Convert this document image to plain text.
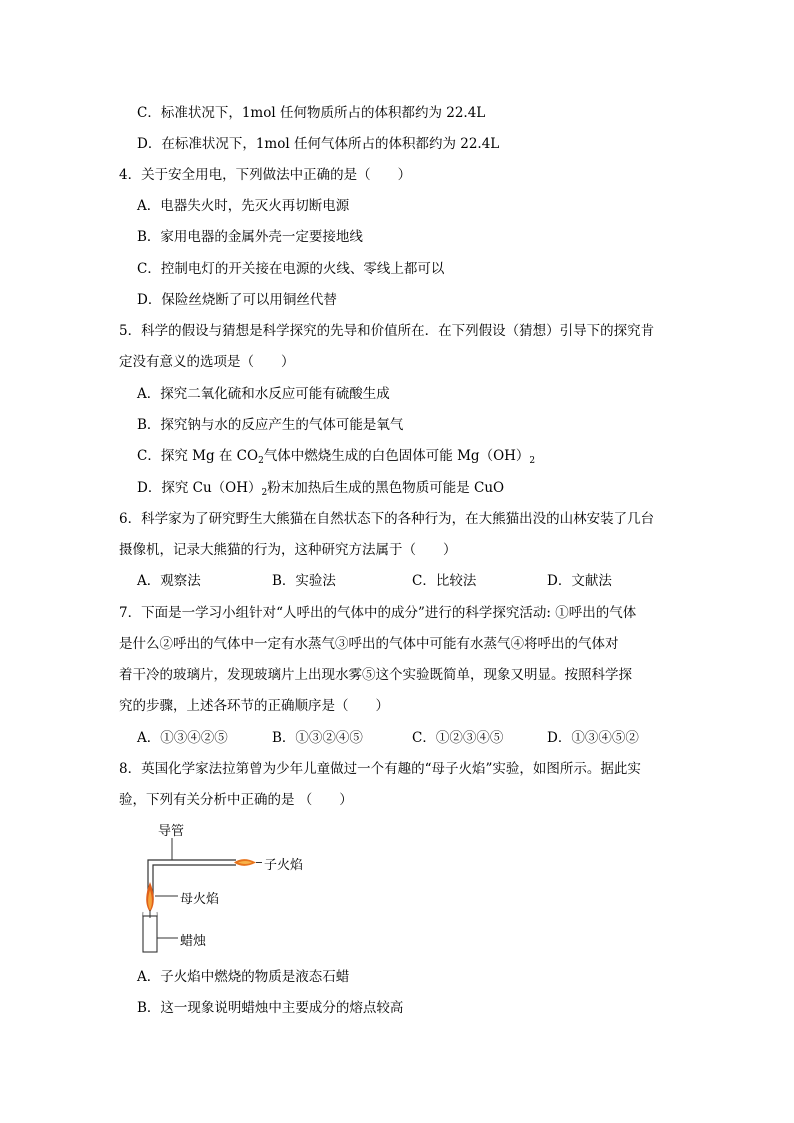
C．标准状况下，1mol 任何物质所占的体积都约为 22.4L
D．在标准状况下，1mol 任何气体所占的体积都约为 22.4L
4．关于安全用电，下列做法中正确的是（　　）
A．电器失火时，先灭火再切断电源
B．家用电器的金属外壳一定要接地线
C．控制电灯的开关接在电源的火线、零线上都可以
D．保险丝烧断了可以用铜丝代替
5．科学的假设与猜想是科学探究的先导和价值所在．在下列假设（猜想）引导下的探究肯
定没有意义的选项是（　　）
A．探究二氧化硫和水反应可能有硫酸生成
B．探究钠与水的反应产生的气体可能是氧气
C．探究 Mg 在 $CO_2$气体中燃烧生成的白色固体可能 $Mg(OH)_2$
D．探究 $Cu(OH)_2$粉末加热后生成的黑色物质可能是 CuO
6．科学家为了研究野生大熊猫在自然状态下的各种行为，在大熊猫出没的山林安装了几台
摄像机，记录大熊猫的行为，这种研究方法属于（　　）
A．观察法	B．实验法	C．比较法	D．文献法
7．下面是一学习小组针对“人呼出的气体中的成分”进行的科学探究活动: ①呼出的气体
是什么②呼出的气体中一定有水蒸气③呼出的气体中可能有水蒸气④将呼出的气体对
着干冷的玻璃片，发现玻璃片上出现水雾⑤这个实验既简单，现象又明显。按照科学探
究的步骤，上述各环节的正确顺序是（　　）
A．①③④②⑤	B．①③②④⑤	C．①②③④⑤	D．①③④⑤②
8．英国化学家法拉第曾为少年儿童做过一个有趣的“母子火焰”实验，如图所示。据此实
验，下列有关分析中正确的是 （　　）
导管
子火焰
母火焰
蜡烛
A．子火焰中燃烧的物质是液态石蜡
B．这一现象说明蜡烛中主要成分的熔点较高
